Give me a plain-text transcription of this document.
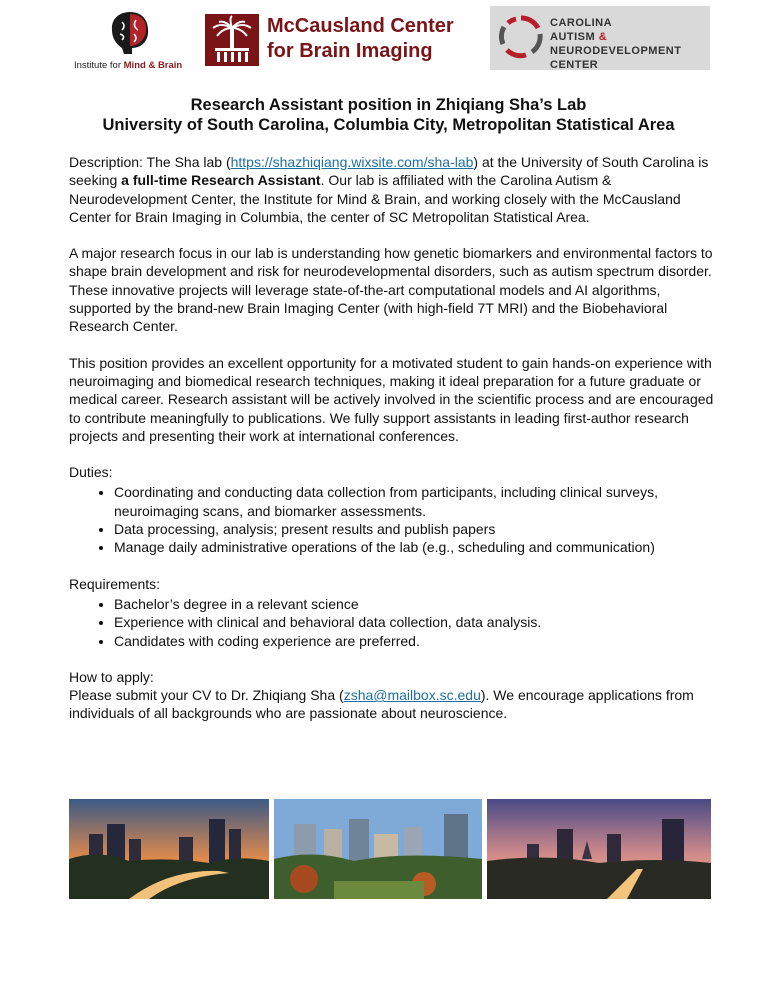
Institute for Mind & Brain
McCausland Center
for Brain Imaging
CAROLINA
AUTISM & NEURODEVELOPMENT
CENTER
Research Assistant position in Zhiqiang Sha’s Lab
University of South Carolina, Columbia City, Metropolitan Statistical Area

Description: The Sha lab (https://shazhiqiang.wixsite.com/sha-lab) at the University of South Carolina is seeking a full-time Research Assistant. Our lab is affiliated with the Carolina Autism & Neurodevelopment Center, the Institute for Mind & Brain, and working closely with the McCausland Center for Brain Imaging in Columbia, the center of SC Metropolitan Statistical Area.

A major research focus in our lab is understanding how genetic biomarkers and environmental factors to shape brain development and risk for neurodevelopmental disorders, such as autism spectrum disorder. These innovative projects will leverage state-of-the-art computational models and AI algorithms, supported by the brand-new Brain Imaging Center (with high-field 7T MRI) and the Biobehavioral Research Center.

This position provides an excellent opportunity for a motivated student to gain hands-on experience with neuroimaging and biomedical research techniques, making it ideal preparation for a future graduate or medical career. Research assistant will be actively involved in the scientific process and are encouraged to contribute meaningfully to publications. We fully support assistants in leading first-author research projects and presenting their work at international conferences.

Duties:
• Coordinating and conducting data collection from participants, including clinical surveys, neuroimaging scans, and biomarker assessments.
• Data processing, analysis; present results and publish papers
• Manage daily administrative operations of the lab (e.g., scheduling and communication)
Requirements:
• Bachelor’s degree in a relevant science
• Experience with clinical and behavioral data collection, data analysis.
• Candidates with coding experience are preferred.
How to apply:
Please submit your CV to Dr. Zhiqiang Sha (zsha@mailbox.sc.edu). We encourage applications from individuals of all backgrounds who are passionate about neuroscience.
